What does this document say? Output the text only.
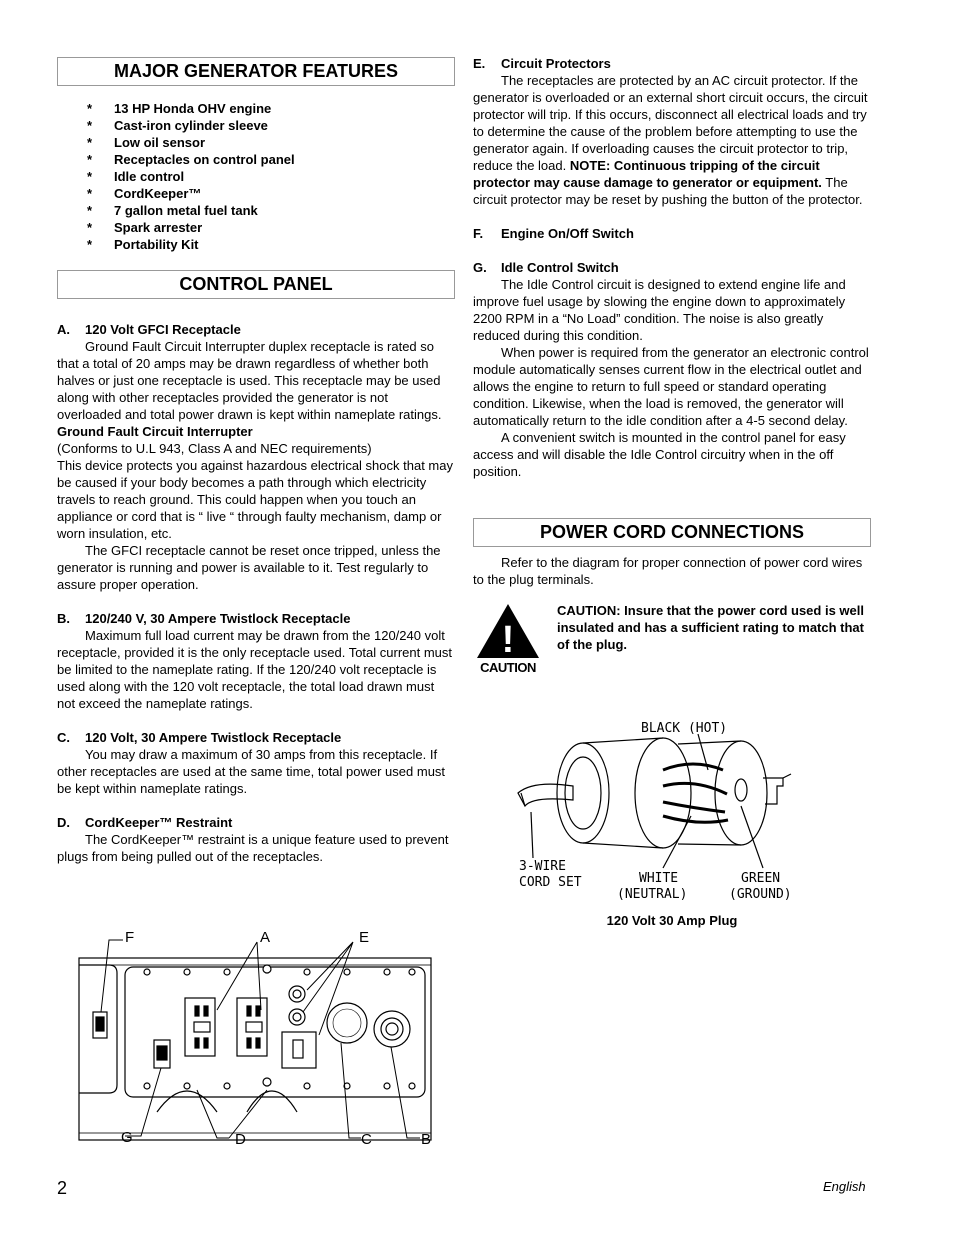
MAJOR GENERATOR FEATURES
* 13 HP Honda OHV engine
* Cast-iron cylinder sleeve
* Low oil sensor
* Receptacles on control panel
* Idle control
* CordKeeper™
* 7 gallon metal fuel tank
* Spark arrester
* Portability Kit
CONTROL PANEL

A. 120 Volt GFCI Receptacle

Ground Fault Circuit Interrupter duplex receptacle is rated so that a total of 20 amps may be drawn regardless of whether both halves or just one receptacle is used. This receptacle may be used along with other receptacles provided the generator is not overloaded and total power drawn is kept within nameplate ratings.

Ground Fault Circuit Interrupter

(Conforms to U.L 943, Class A and NEC requirements)

This device protects you against hazardous electrical shock that may be caused if your body becomes a path through which electricity travels to reach ground. This could happen when you touch an appliance or cord that is “ live “ through faulty mechanism, damp or worn insulation, etc.

The GFCI receptacle cannot be reset once tripped, unless the generator is running and power is available to it. Test regularly to assure proper operation.

B. 120/240 V, 30 Ampere Twistlock Receptacle

Maximum full load current may be drawn from the 120/240 volt receptacle, provided it is the only receptacle used. Total current must be limited to the nameplate rating. If the 120/240 volt receptacle is used along with the 120 volt receptacle, the total load drawn must not exceed the nameplate ratings.

C. 120 Volt, 30 Ampere Twistlock Receptacle

You may draw a maximum of 30 amps from this receptacle. If other receptacles are used at the same time, total power used must be kept within nameplate ratings.

D. CordKeeper™ Restraint

The CordKeeper™ restraint is a unique feature used to prevent plugs from being pulled out of the receptacles.

F	A	E
G	D	C	B

E. Circuit Protectors

The receptacles are protected by an AC circuit protector. If the generator is overloaded or an external short circuit occurs, the circuit protector will trip. If this occurs, disconnect all electrical loads and try to determine the cause of the problem before attempting to use the generator again. If overloading causes the circuit protector to trip, reduce the load. NOTE: Continuous tripping of the circuit protector may cause damage to generator or equipment. The circuit protector may be reset by pushing the button of the protector.

F. Engine On/Off Switch

G. Idle Control Switch

The Idle Control circuit is designed to extend engine life and improve fuel usage by slowing the engine down to approximately 2200 RPM in a “No Load” condition. The noise is also greatly reduced during this condition.

When power is required from the generator an electronic control module automatically senses current flow in the electrical outlet and allows the engine to return to full speed or standard operating condition. Likewise, when the load is removed, the generator will automatically return to the idle condition after a 4-5 second delay.

A convenient switch is mounted in the control panel for easy access and will disable the Idle Control circuitry when in the off position.

POWER CORD CONNECTIONS

Refer to the diagram for proper connection of power cord wires to the plug terminals.

!
CAUTION

CAUTION: Insure that the power cord used is well insulated and has a sufficient rating to match that of the plug.

BLACK (HOT)
3-WIRE
CORD SET	WHITE
(NEUTRAL)
GREEN
(GROUND)

120 Volt 30 Amp Plug

2	English
